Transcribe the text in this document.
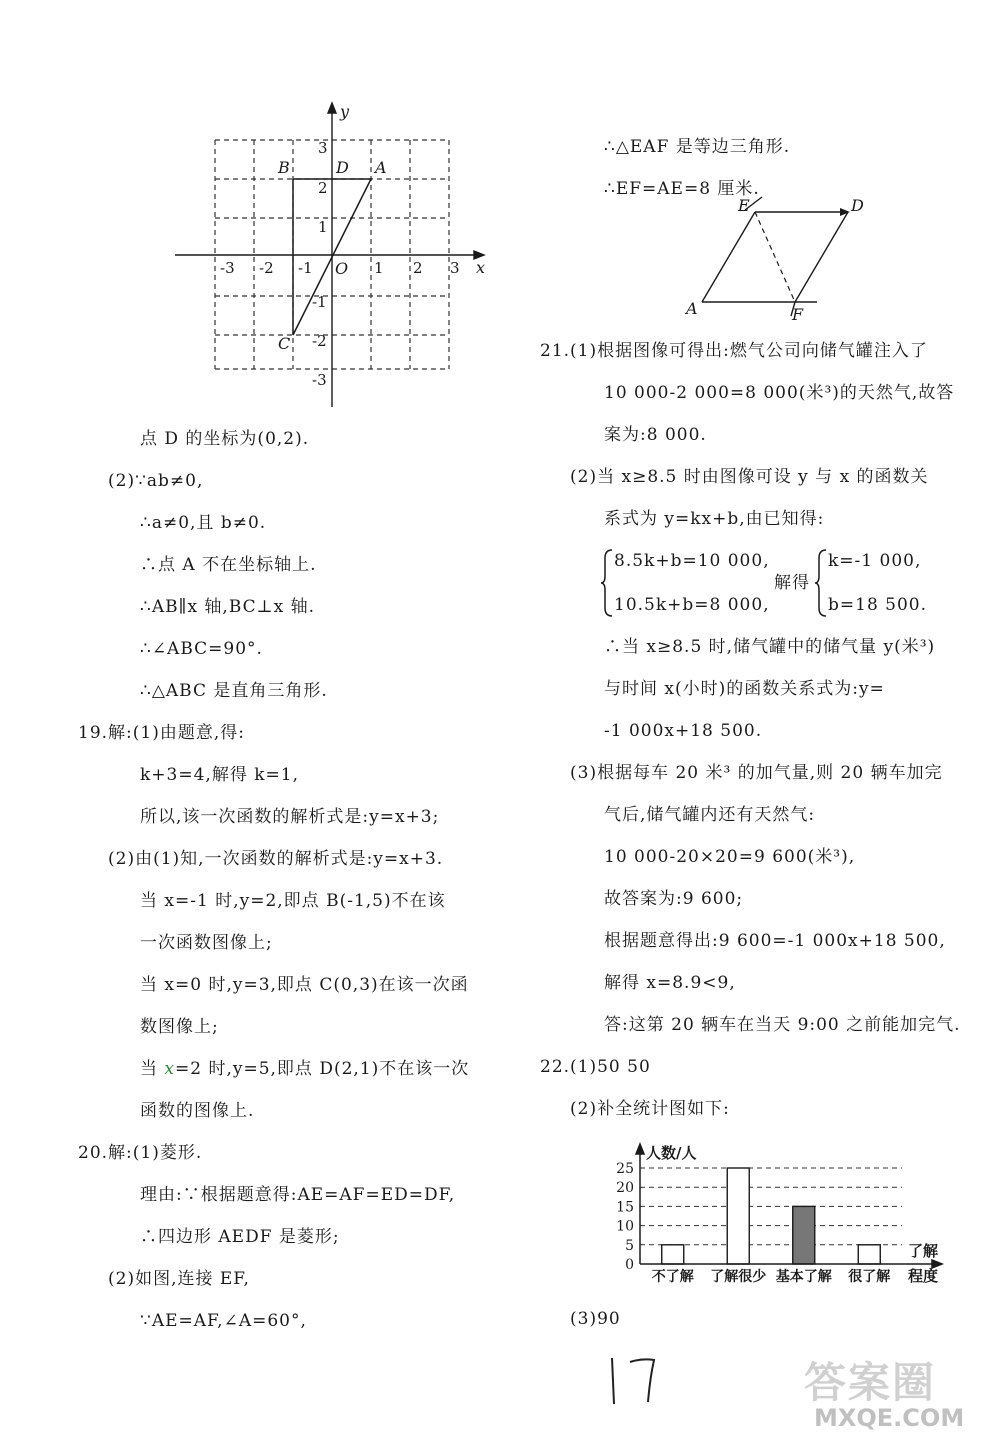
y
x
O
-3 -2 -1	1 2 3
3
2
1
-1
-2
-3
A
B
C
D
点 D 的坐标为(0,2).
(2)∵ab≠0,
∴a≠0,且 b≠0.
∴点 A 不在坐标轴上.
∴AB∥x 轴,BC⊥x 轴.
∴∠ABC=90°.
∴△ABC 是直角三角形.
19.解:(1)由题意,得:
k+3=4,解得 k=1,
所以,该一次函数的解析式是:y=x+3;
(2)由(1)知,一次函数的解析式是:y=x+3.
当 x=-1 时,y=2,即点 B(-1,5)不在该
一次函数图像上;
当 x=0 时,y=3,即点 C(0,3)在该一次函
数图像上;
当 x=2 时,y=5,即点 D(2,1)不在该一次
函数的图像上.
20.解:(1)菱形.
理由:∵根据题意得:AE=AF=ED=DF,
∴四边形 AEDF 是菱形;
(2)如图,连接 EF,
∵AE=AF,∠A=60°,
∴△EAF 是等边三角形.
∴EF=AE=8 厘米.
E	D
A	F
21.(1)根据图像可得出:燃气公司向储气罐注入了
10 000-2 000=8 000(米³)的天然气,故答
案为:8 000.
(2)当 x≥8.5 时由图像可设 y 与 x 的函数关
系式为 y=kx+b,由已知得:
8.5k+b=10 000,
10.5k+b=8 000,
解得
k=-1 000,
b=18 500.
∴当 x≥8.5 时,储气罐中的储气量 y(米³)
与时间 x(小时)的函数关系式为:y=
-1 000x+18 500.
(3)根据每车 20 米³ 的加气量,则 20 辆车加完
气后,储气罐内还有天然气:
10 000-20×20=9 600(米³),
故答案为:9 600;
根据题意得出:9 600=-1 000x+18 500,
解得 x=8.9<9,
答:这第 20 辆车在当天 9:00 之前能加完气.
22.(1)50 50
(2)补全统计图如下:
人数/人
了解
程度
25
20
15
10
5
0
不了解 了解很少 基本了解 很了解
(3)90
答案圈
MXQE.COM
